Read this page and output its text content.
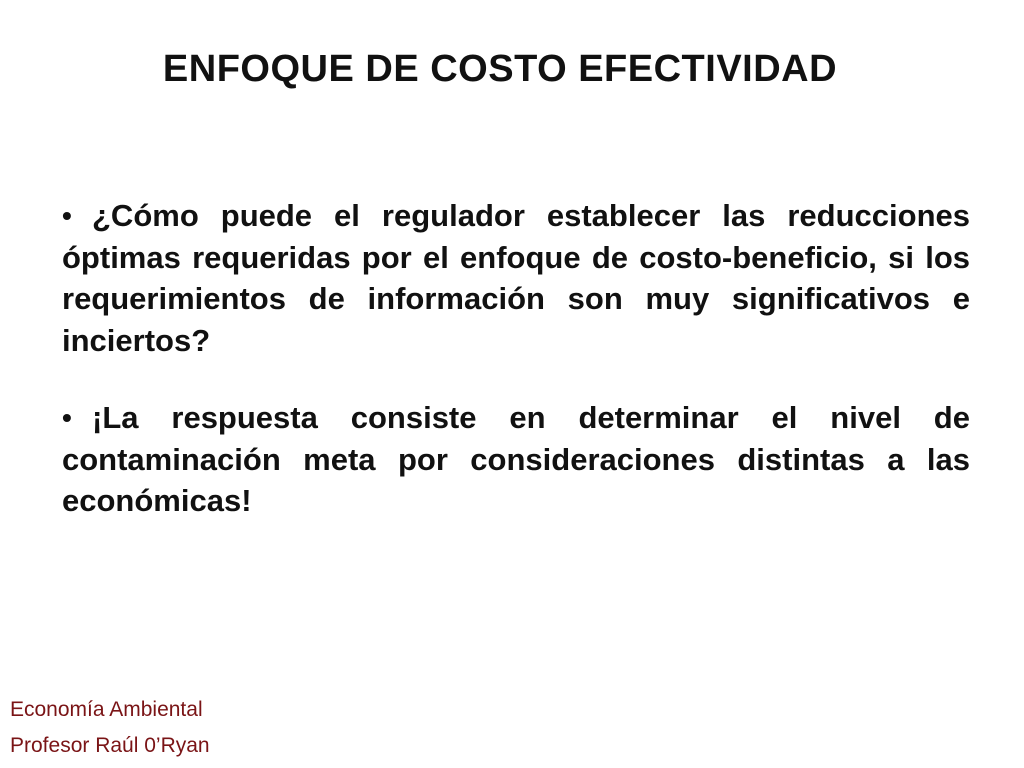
ENFOQUE DE COSTO EFECTIVIDAD
• ¿Cómo puede el regulador establecer las reducciones óptimas requeridas por el enfoque de costo-beneficio, si los requerimientos de información son muy significativos e inciertos?
• ¡La respuesta consiste en determinar el nivel de contaminación meta por consideraciones distintas a las económicas!
Economía Ambiental
Profesor Raúl 0’Ryan
